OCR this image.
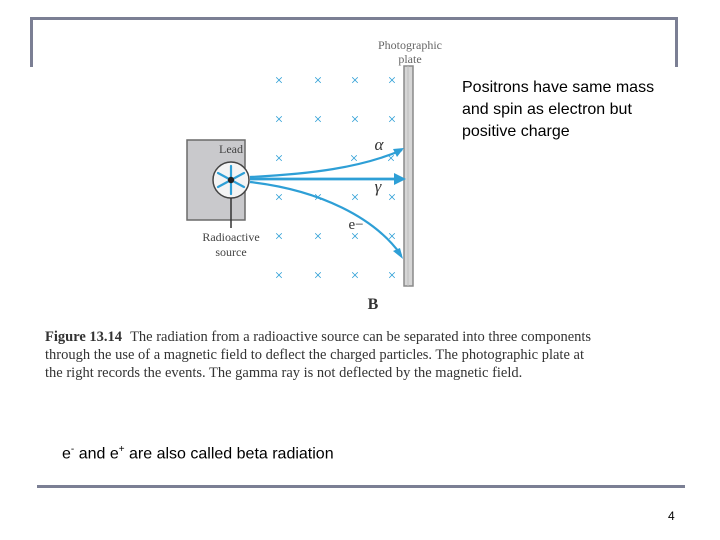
× × × ×
× × × ×
×
× × × ×
× × × ×
× × × ×
× ×
Photographic
plate
Lead
Radioactive
source
α
γ
e−
B
Positrons have same mass and spin as electron but positive charge
Figure 13.14 The radiation from a radioactive source can be separated into three components through the use of a magnetic field to deflect the charged particles. The photographic plate at the right records the events. The gamma ray is not deflected by the magnetic field.
e- and e+ are also called beta radiation
4
